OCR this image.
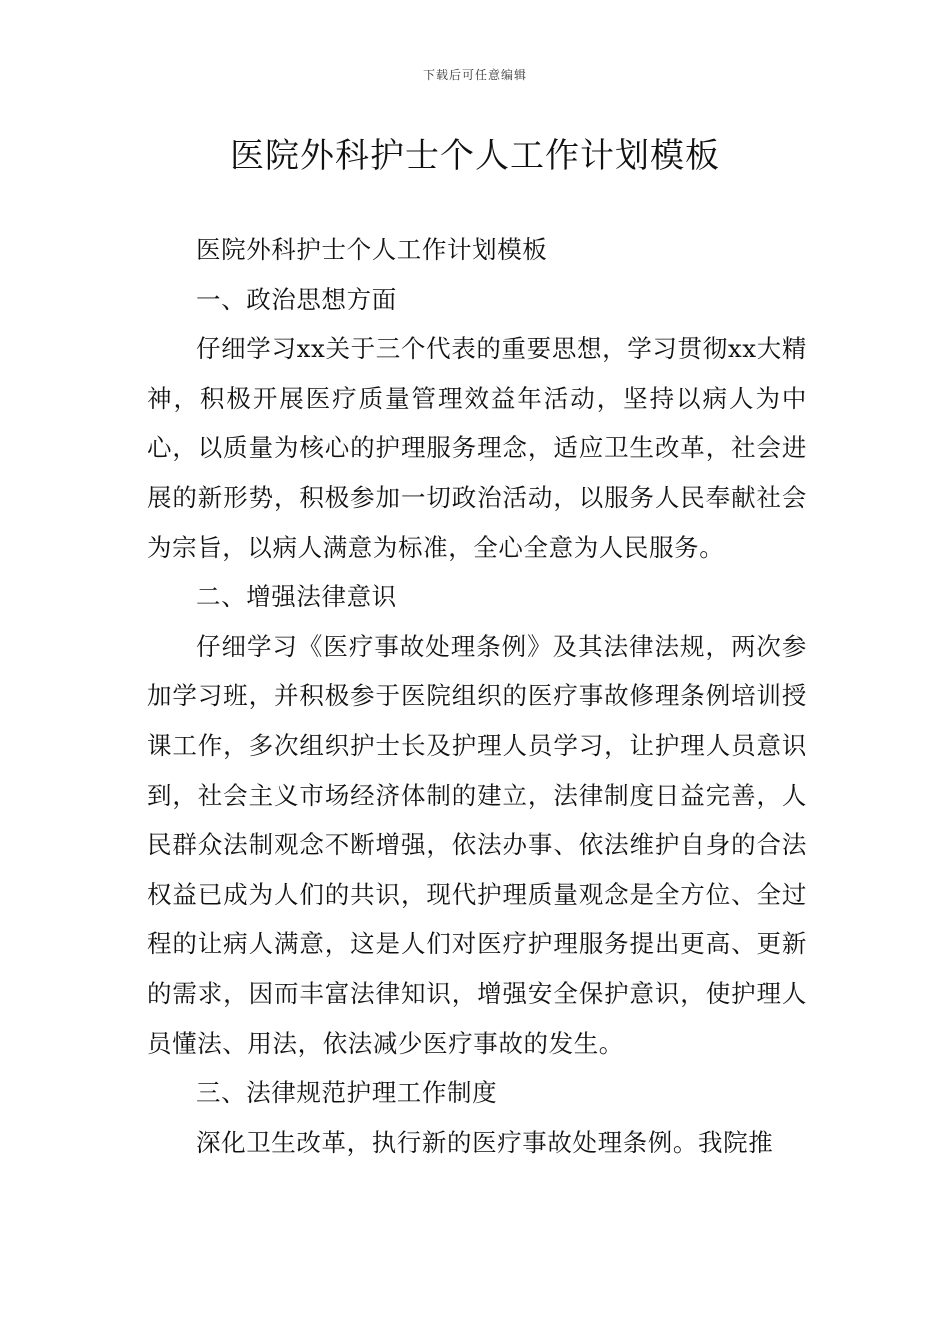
下载后可任意编辑
医院外科护士个人工作计划模板

医院外科护士个人工作计划模板

一、政治思想方面

仔细学习xx关于三个代表的重要思想，学习贯彻xx大精神，积极开展医疗质量管理效益年活动，坚持以病人为中心，以质量为核心的护理服务理念，适应卫生改革，社会进展的新形势，积极参加一切政治活动，以服务人民奉献社会为宗旨，以病人满意为标准，全心全意为人民服务。

二、增强法律意识

仔细学习《医疗事故处理条例》及其法律法规，两次参加学习班，并积极参于医院组织的医疗事故修理条例培训授课工作，多次组织护士长及护理人员学习，让护理人员意识到，社会主义市场经济体制的建立，法律制度日益完善，人民群众法制观念不断增强，依法办事、依法维护自身的合法权益已成为人们的共识，现代护理质量观念是全方位、全过程的让病人满意，这是人们对医疗护理服务提出更高、更新的需求，因而丰富法律知识，增强安全保护意识，使护理人员懂法、用法，依法减少医疗事故的发生。

三、法律规范护理工作制度

深化卫生改革，执行新的医疗事故处理条例。我院推
